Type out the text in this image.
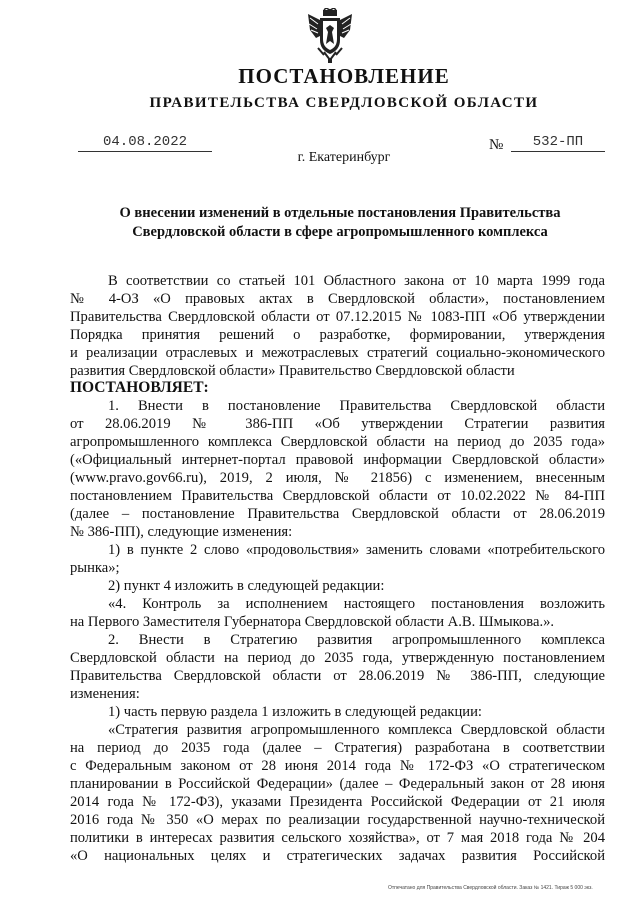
ПОСТАНОВЛЕНИЕ
ПРАВИТЕЛЬСТВА СВЕРДЛОВСКОЙ ОБЛАСТИ
04.08.2022	№	532-ПП
г. Екатеринбург
О внесении изменений в отдельные постановления Правительства
Свердловской области в сфере агропромышленного комплекса
В соответствии со статьей 101 Областного закона от 10 марта 1999 года
№ 4-ОЗ «О правовых актах в Свердловской области», постановлением
Правительства Свердловской области от 07.12.2015 № 1083-ПП «Об утверждении
Порядка принятия решений о разработке, формировании, утверждения
и реализации отраслевых и межотраслевых стратегий социально-экономического
развития Свердловской области» Правительство Свердловской области
ПОСТАНОВЛЯЕТ:
1. Внести в постановление Правительства Свердловской области
от 28.06.2019 № 386-ПП «Об утверждении Стратегии развития
агропромышленного комплекса Свердловской области на период до 2035 года»
(«Официальный интернет-портал правовой информации Свердловской области»
(www.pravo.gov66.ru), 2019, 2 июля, № 21856) с изменением, внесенным
постановлением Правительства Свердловской области от 10.02.2022 № 84-ПП
(далее – постановление Правительства Свердловской области от 28.06.2019
№ 386-ПП), следующие изменения:
1) в пункте 2 слово «продовольствия» заменить словами «потребительского
рынка»;
2) пункт 4 изложить в следующей редакции:
«4. Контроль за исполнением настоящего постановления возложить
на Первого Заместителя Губернатора Свердловской области А.В. Шмыкова.».
2. Внести в Стратегию развития агропромышленного комплекса
Свердловской области на период до 2035 года, утвержденную постановлением
Правительства Свердловской области от 28.06.2019 № 386-ПП, следующие
изменения:
1) часть первую раздела 1 изложить в следующей редакции:
«Стратегия развития агропромышленного комплекса Свердловской области
на период до 2035 года (далее – Стратегия) разработана в соответствии
с Федеральным законом от 28 июня 2014 года № 172-ФЗ «О стратегическом
планировании в Российской Федерации» (далее – Федеральный закон от 28 июня
2014 года № 172-ФЗ), указами Президента Российской Федерации от 21 июля
2016 года № 350 «О мерах по реализации государственной научно-технической
политики в интересах развития сельского хозяйства», от 7 мая 2018 года № 204
«О национальных целях и стратегических задачах развития Российской
Отпечатано для Правительства Свердловской области. Заказ № 1421. Тираж 5 000 экз.
